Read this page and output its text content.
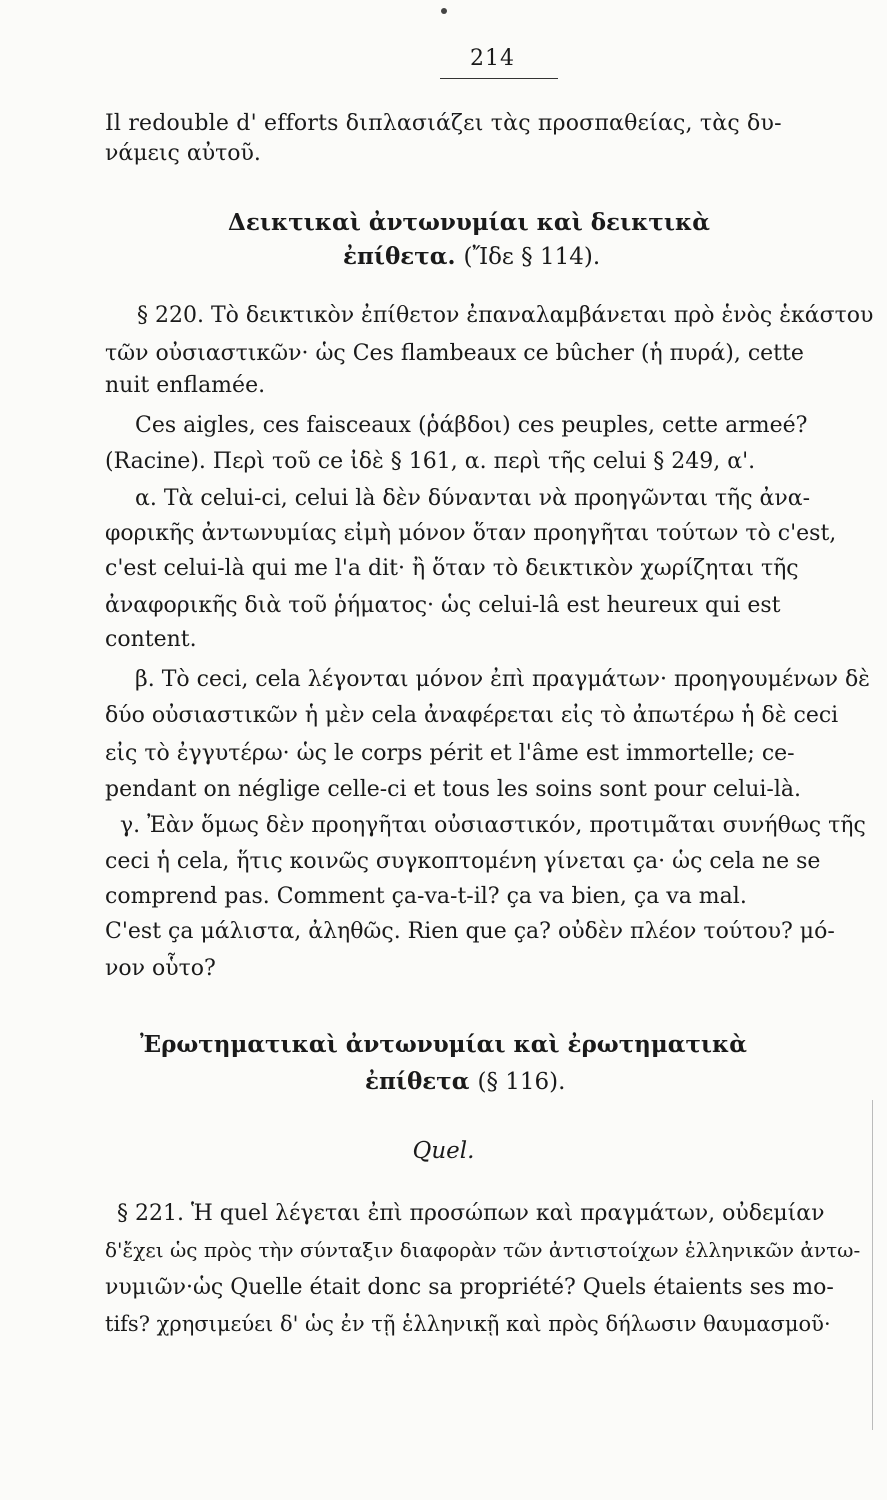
214
Il redouble d' efforts διπλασιάζει τὰς προσπαθείας, τὰς δυ-
νάμεις αὐτοῦ.
Δεικτικαὶ ἀντωνυμίαι καὶ δεικτικὰ
ἐπίθετα. (Ἴδε § 114).
§ 220. Τὸ δεικτικὸν ἐπίθετον ἐπαναλαμβάνεται πρὸ ἑνὸς ἑκάστου
τῶν οὐσιαστικῶν· ὡς Ces flambeaux ce bûcher (ἡ πυρά), cette
nuit enflamée.
Ces aigles, ces faisceaux (ῥάβδοι) ces peuples, cette armeé?
(Racine). Περὶ τοῦ ce ἰδὲ § 161, α. περὶ τῆς celui § 249, α'.
α. Τὰ celui-ci, celui là δὲν δύνανται νὰ προηγῶνται τῆς ἀνα-
φορικῆς ἀντωνυμίας εἰμὴ μόνον ὅταν προηγῆται τούτων τὸ c'est,
c'est celui-là qui me l'a dit· ἢ ὅταν τὸ δεικτικὸν χωρίζηται τῆς
ἀναφορικῆς διὰ τοῦ ῥήματος· ὡς celui-lâ est heureux qui est
content.
β. Τὸ ceci, cela λέγονται μόνον ἐπὶ πραγμάτων· προηγουμένων δὲ
δύο οὐσιαστικῶν ἡ μὲν cela ἀναφέρεται εἰς τὸ ἀπωτέρω ἡ δὲ ceci
εἰς τὸ ἐγγυτέρω· ὡς le corps périt et l'âme est immortelle; ce-
pendant on néglige celle-ci et tous les soins sont pour celui-là.
γ. Ἐὰν ὅμως δὲν προηγῆται οὐσιαστικόν, προτιμᾶται συνήθως τῆς
ceci ἡ cela, ἥτις κοινῶς συγκοπτομένη γίνεται ça· ὡς cela ne se
comprend pas. Comment ça-va-t-il? ça va bien, ça va mal.
C'est ça μάλιστα, ἀληθῶς. Rien que ça? οὐδὲν πλέον τούτου? μό-
νον οὗτο?
Ἐρωτηματικαὶ ἀντωνυμίαι καὶ ἐρωτηματικὰ
ἐπίθετα (§ 116).
Quel.
§ 221. Ἡ quel λέγεται ἐπὶ προσώπων καὶ πραγμάτων, οὐδεμίαν
δ'ἔχει ὡς πρὸς τὴν σύνταξιν διαφορὰν τῶν ἀντιστοίχων ἑλληνικῶν ἀντω-
νυμιῶν·ὡς Quelle était donc sa propriété? Quels étaients ses mo-
tifs? χρησιμεύει δ' ὡς ἐν τῇ ἑλληνικῇ καὶ πρὸς δήλωσιν θαυμασμοῦ·
